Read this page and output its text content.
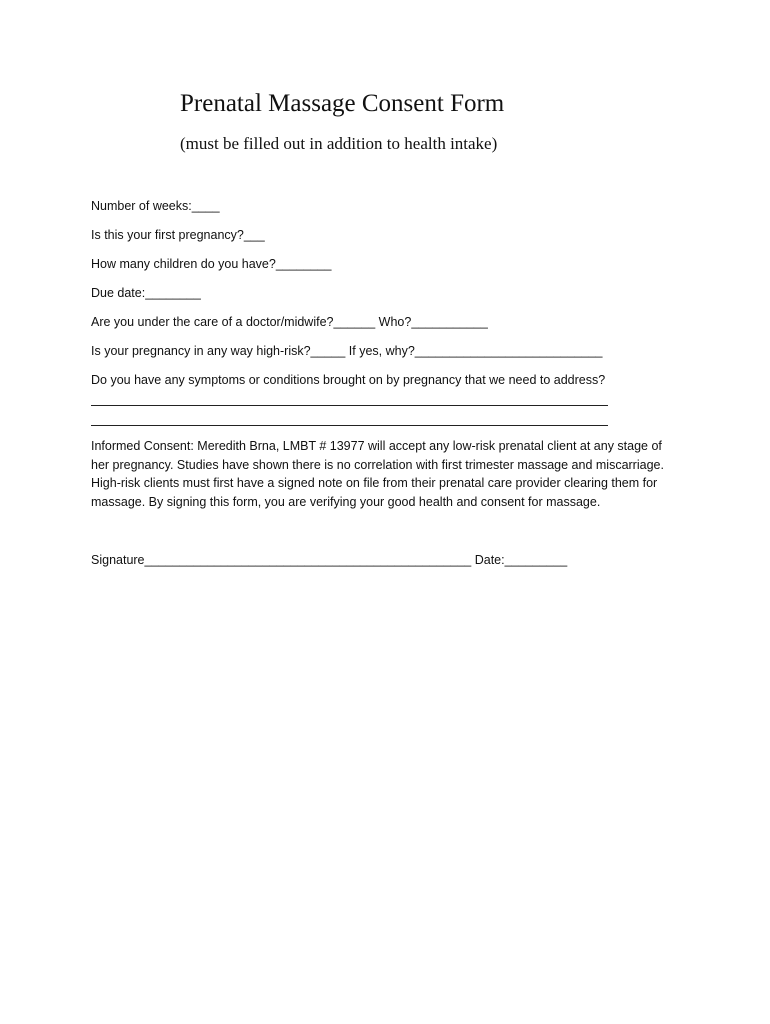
Prenatal Massage Consent Form
(must be filled out in addition to health intake)
Number of weeks:____
Is this your first pregnancy?___
How many children do you have?________
Due date:________
Are you under the care of a doctor/midwife?______ Who?___________
Is your pregnancy in any way high-risk?_____ If yes, why?___________________________
Do you have any symptoms or conditions brought on by pregnancy that we need to address?
Informed Consent: Meredith Brna, LMBT # 13977 will accept any low-risk prenatal client at any stage of
her pregnancy. Studies have shown there is no correlation with first trimester massage and miscarriage.
High-risk clients must first have a signed note on file from their prenatal care provider clearing them for
massage. By signing this form, you are verifying your good health and consent for massage.
Signature_______________________________________________ Date:_________
